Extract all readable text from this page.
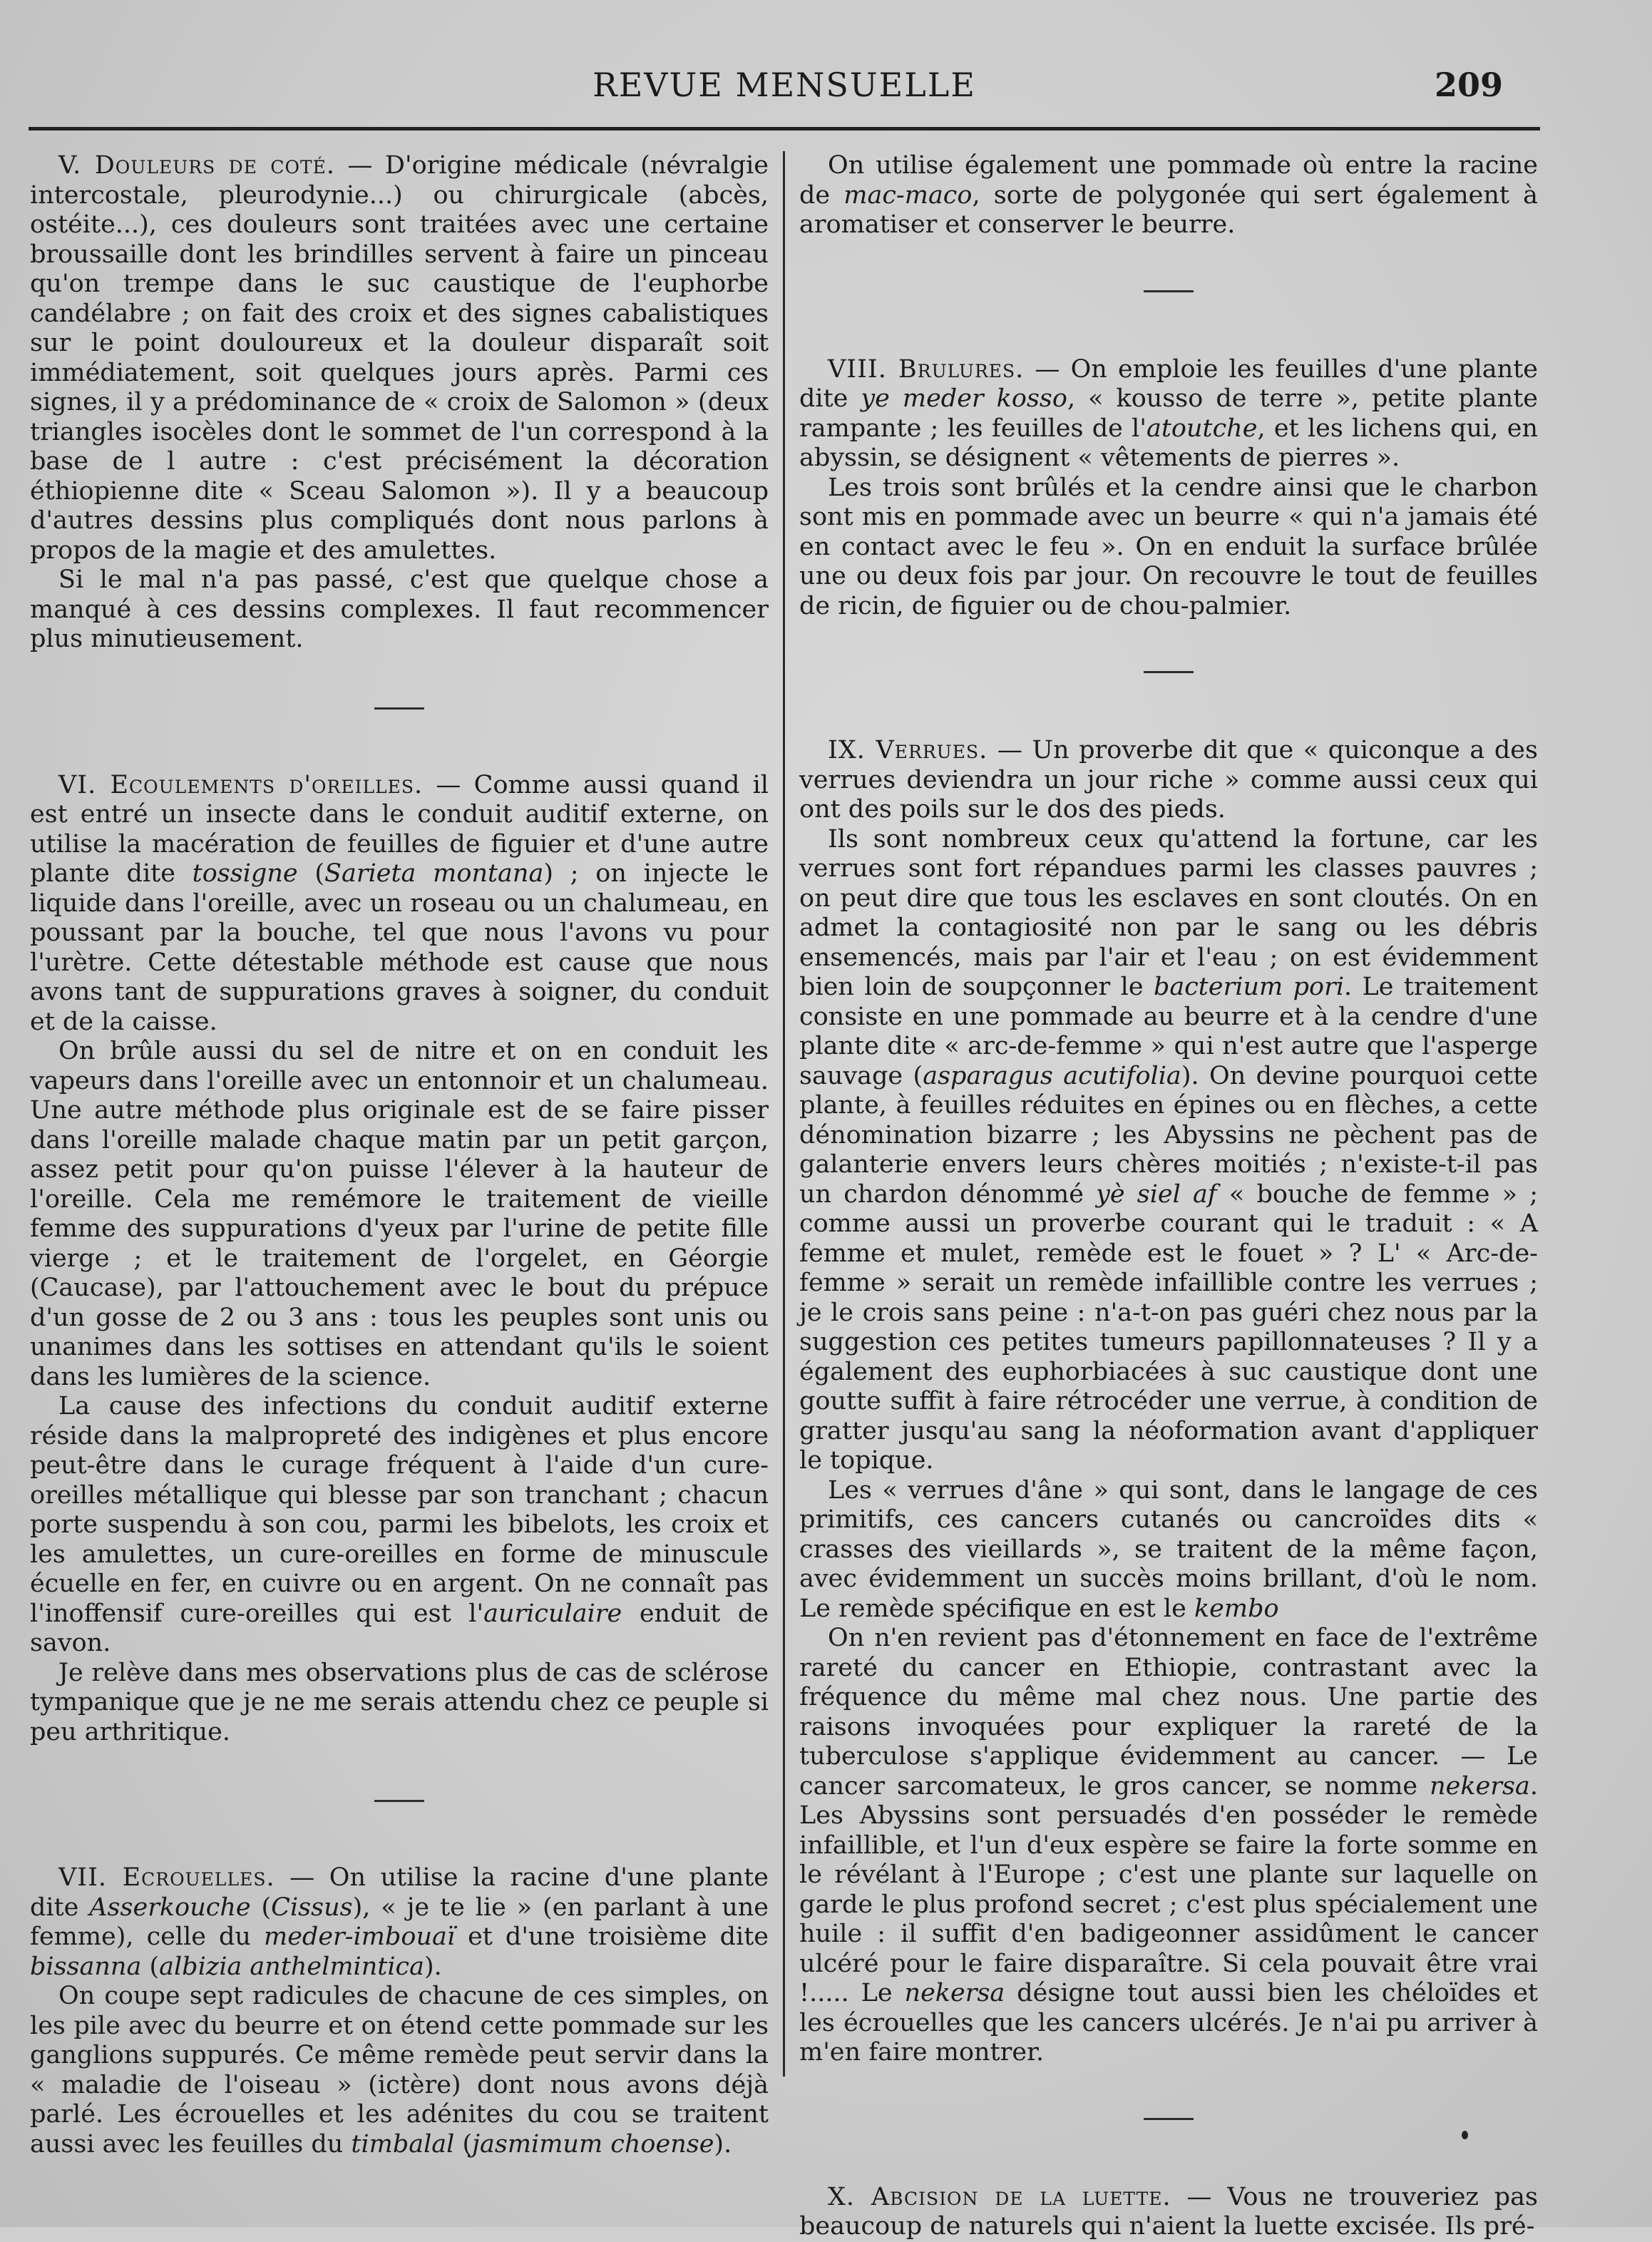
REVUE MENSUELLE	209

V. Douleurs de coté. — D'origine médicale (névralgie intercostale, pleurodynie...) ou chirurgicale (abcès, ostéite...), ces douleurs sont traitées avec une certaine broussaille dont les brindilles servent à faire un pinceau qu'on trempe dans le suc caustique de l'euphorbe candélabre ; on fait des croix et des signes cabalistiques sur le point douloureux et la douleur disparaît soit immédiatement, soit quelques jours après. Parmi ces signes, il y a prédominance de « croix de Salomon » (deux triangles isocèles dont le sommet de l'un correspond à la base de l autre : c'est précisément la décoration éthiopienne dite « Sceau Salomon »). Il y a beaucoup d'autres dessins plus compliqués dont nous parlons à propos de la magie et des amulettes.

Si le mal n'a pas passé, c'est que quelque chose a manqué à ces dessins complexes. Il faut recommencer plus minutieusement.

VI. Ecoulements d'oreilles. — Comme aussi quand il est entré un insecte dans le conduit auditif externe, on utilise la macération de feuilles de figuier et d'une autre plante dite tossigne (Sarieta montana) ; on injecte le liquide dans l'oreille, avec un roseau ou un chalumeau, en poussant par la bouche, tel que nous l'avons vu pour l'urètre. Cette détestable méthode est cause que nous avons tant de suppurations graves à soigner, du conduit et de la caisse.

On brûle aussi du sel de nitre et on en conduit les vapeurs dans l'oreille avec un entonnoir et un chalumeau. Une autre méthode plus originale est de se faire pisser dans l'oreille malade chaque matin par un petit garçon, assez petit pour qu'on puisse l'élever à la hauteur de l'oreille. Cela me remémore le traitement de vieille femme des suppurations d'yeux par l'urine de petite fille vierge ; et le traitement de l'orgelet, en Géorgie (Caucase), par l'attouchement avec le bout du prépuce d'un gosse de 2 ou 3 ans : tous les peuples sont unis ou unanimes dans les sottises en attendant qu'ils le soient dans les lumières de la science.

La cause des infections du conduit auditif externe réside dans la malpropreté des indigènes et plus encore peut-être dans le curage fréquent à l'aide d'un cure-oreilles métallique qui blesse par son tranchant ; chacun porte suspendu à son cou, parmi les bibelots, les croix et les amulettes, un cure-oreilles en forme de minuscule écuelle en fer, en cuivre ou en argent. On ne connaît pas l'inoffensif cure-oreilles qui est l'auriculaire enduit de savon.

Je relève dans mes observations plus de cas de sclérose tympanique que je ne me serais attendu chez ce peuple si peu arthritique.

VII. Ecrouelles. — On utilise la racine d'une plante dite Asserkouche (Cissus), « je te lie » (en parlant à une femme), celle du meder-imbouaï et d'une troisième dite bissanna (albizia anthelmintica).

On coupe sept radicules de chacune de ces simples, on les pile avec du beurre et on étend cette pommade sur les ganglions suppurés. Ce même remède peut servir dans la « maladie de l'oiseau » (ictère) dont nous avons déjà parlé. Les écrouelles et les adénites du cou se traitent aussi avec les feuilles du timbalal (jasmimum choense).

On utilise également une pommade où entre la racine de mac-maco, sorte de polygonée qui sert également à aromatiser et conserver le beurre.

VIII. Brulures. — On emploie les feuilles d'une plante dite ye meder kosso, « kousso de terre », petite plante rampante ; les feuilles de l'atoutche, et les lichens qui, en abyssin, se désignent « vêtements de pierres ».

Les trois sont brûlés et la cendre ainsi que le charbon sont mis en pommade avec un beurre « qui n'a jamais été en contact avec le feu ». On en enduit la surface brûlée une ou deux fois par jour. On recouvre le tout de feuilles de ricin, de figuier ou de chou-palmier.

IX. Verrues. — Un proverbe dit que « quiconque a des verrues deviendra un jour riche » comme aussi ceux qui ont des poils sur le dos des pieds.

Ils sont nombreux ceux qu'attend la fortune, car les verrues sont fort répandues parmi les classes pauvres ; on peut dire que tous les esclaves en sont cloutés. On en admet la contagiosité non par le sang ou les débris ensemencés, mais par l'air et l'eau ; on est évidemment bien loin de soupçonner le bacterium pori. Le traitement consiste en une pommade au beurre et à la cendre d'une plante dite « arc-de-femme » qui n'est autre que l'asperge sauvage (asparagus acutifolia). On devine pourquoi cette plante, à feuilles réduites en épines ou en flèches, a cette dénomination bizarre ; les Abyssins ne pèchent pas de galanterie envers leurs chères moitiés ; n'existe-t-il pas un chardon dénommé yè siel af « bouche de femme » ; comme aussi un proverbe courant qui le traduit : « A femme et mulet, remède est le fouet » ? L' « Arc-de-femme » serait un remède infaillible contre les verrues ; je le crois sans peine : n'a-t-on pas guéri chez nous par la suggestion ces petites tumeurs papillonnateuses ? Il y a également des euphorbiacées à suc caustique dont une goutte suffit à faire rétrocéder une verrue, à condition de gratter jusqu'au sang la néoformation avant d'appliquer le topique.

Les « verrues d'âne » qui sont, dans le langage de ces primitifs, ces cancers cutanés ou cancroïdes dits « crasses des vieillards », se traitent de la même façon, avec évidemment un succès moins brillant, d'où le nom. Le remède spécifique en est le kembo

On n'en revient pas d'étonnement en face de l'extrême rareté du cancer en Ethiopie, contrastant avec la fréquence du même mal chez nous. Une partie des raisons invoquées pour expliquer la rareté de la tuberculose s'applique évidemment au cancer. — Le cancer sarcomateux, le gros cancer, se nomme nekersa. Les Abyssins sont persuadés d'en posséder le remède infaillible, et l'un d'eux espère se faire la forte somme en le révélant à l'Europe ; c'est une plante sur laquelle on garde le plus profond secret ; c'est plus spécialement une huile : il suffit d'en badigeonner assidûment le cancer ulcéré pour le faire disparaître. Si cela pouvait être vrai !..... Le nekersa désigne tout aussi bien les chéloïdes et les écrouelles que les cancers ulcérés. Je n'ai pu arriver à m'en faire montrer.

X. Abcision de la luette. — Vous ne trouveriez pas beaucoup de naturels qui n'aient la luette excisée. Ils pré-
